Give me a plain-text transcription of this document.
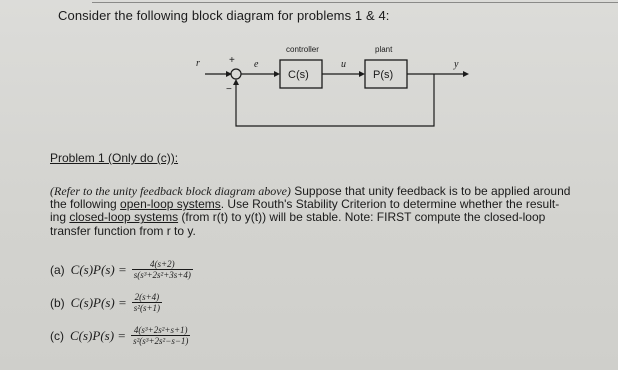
Consider the following block diagram for problems 1 & 4:
controller	plant
r	+
−
e	u	y
C(s)	P(s)
Problem 1 (Only do (c)):
(Refer to the unity feedback block diagram above) Suppose that unity feedback is to be applied around
the following open-loop systems. Use Routh's Stability Criterion to determine whether the result-
ing closed-loop systems (from r(t) to y(t)) will be stable. Note: FIRST compute the closed-loop
transfer function from r to y.
(a) $C(s)P(s) = \frac{4(s+2)}{\text{s(s³+2s²+3s+4)}}$
(b) $C(s)P(s) = \frac{2(s+4)}{\text{s²(s+1)}}$
(c) $C(s)P(s) = \frac{\text{4(s³+2s²+s+1)}}{\text{s²(s³+2s²−s−1)}}$
